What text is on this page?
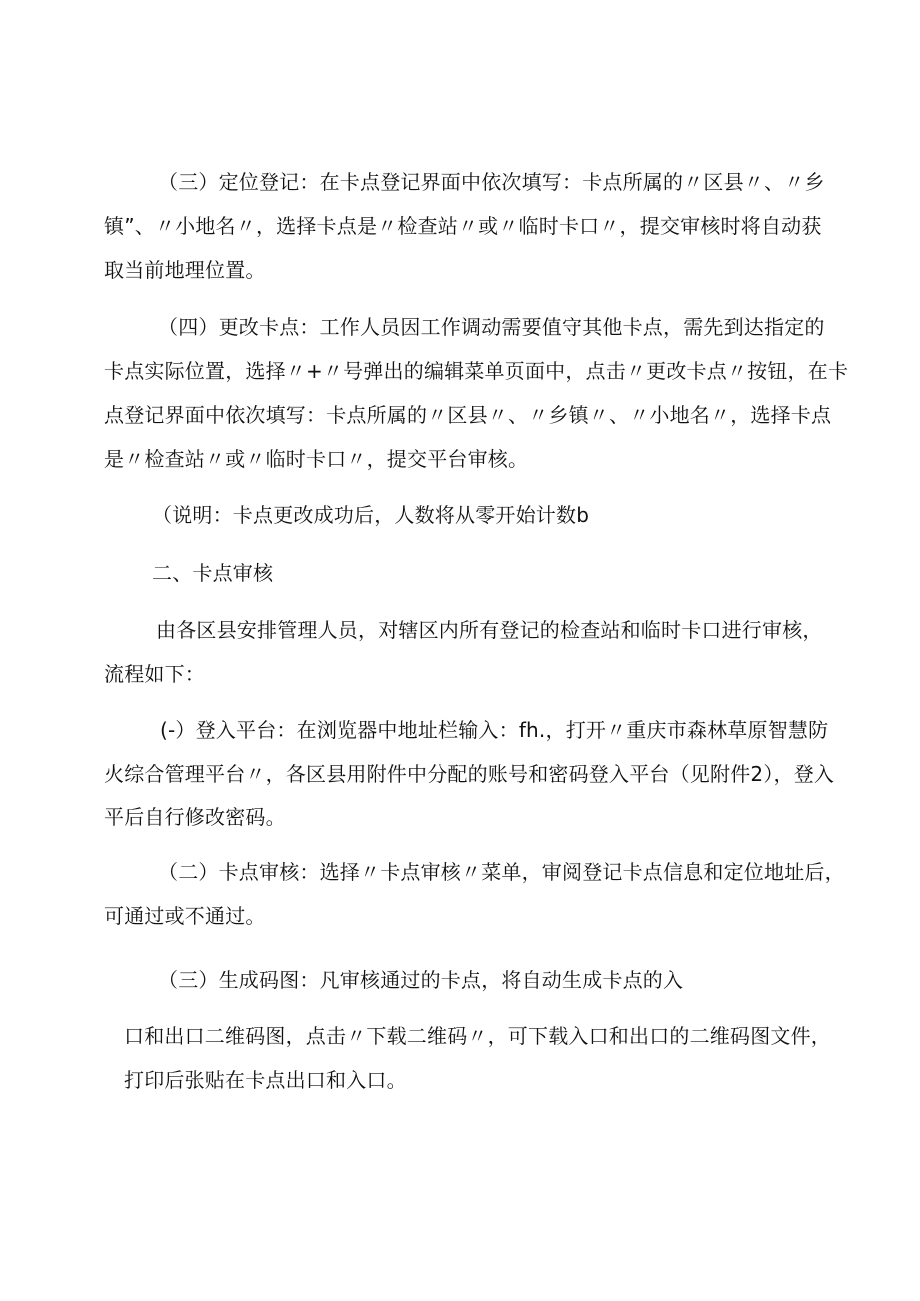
（三）定位登记：在卡点登记界面中依次填写：卡点所属的〃区县〃、〃乡
镇”、〃小地名〃，选择卡点是〃检查站〃或〃临时卡口〃，提交审核时将自动获
取当前地理位置。
（四）更改卡点：工作人员因工作调动需要值守其他卡点，需先到达指定的
卡点实际位置，选择〃+〃号弹出的编辑菜单页面中，点击〃更改卡点〃按钮，在卡
点登记界面中依次填写：卡点所属的〃区县〃、〃乡镇〃、〃小地名〃，选择卡点
是〃检查站〃或〃临时卡口〃，提交平台审核。
（说明：卡点更改成功后，人数将从零开始计数b
二、卡点审核
由各区县安排管理人员，对辖区内所有登记的检查站和临时卡口进行审核，
流程如下：
(-）登入平台：在浏览器中地址栏输入：fh.，打开〃重庆市森林草原智慧防
火综合管理平台〃，各区县用附件中分配的账号和密码登入平台（见附件2），登入
平后自行修改密码。
（二）卡点审核：选择〃卡点审核〃菜单，审阅登记卡点信息和定位地址后，
可通过或不通过。
（三）生成码图：凡审核通过的卡点，将自动生成卡点的入
口和出口二维码图，点击〃下载二维码〃，可下载入口和出口的二维码图文件，
打印后张贴在卡点出口和入口。
